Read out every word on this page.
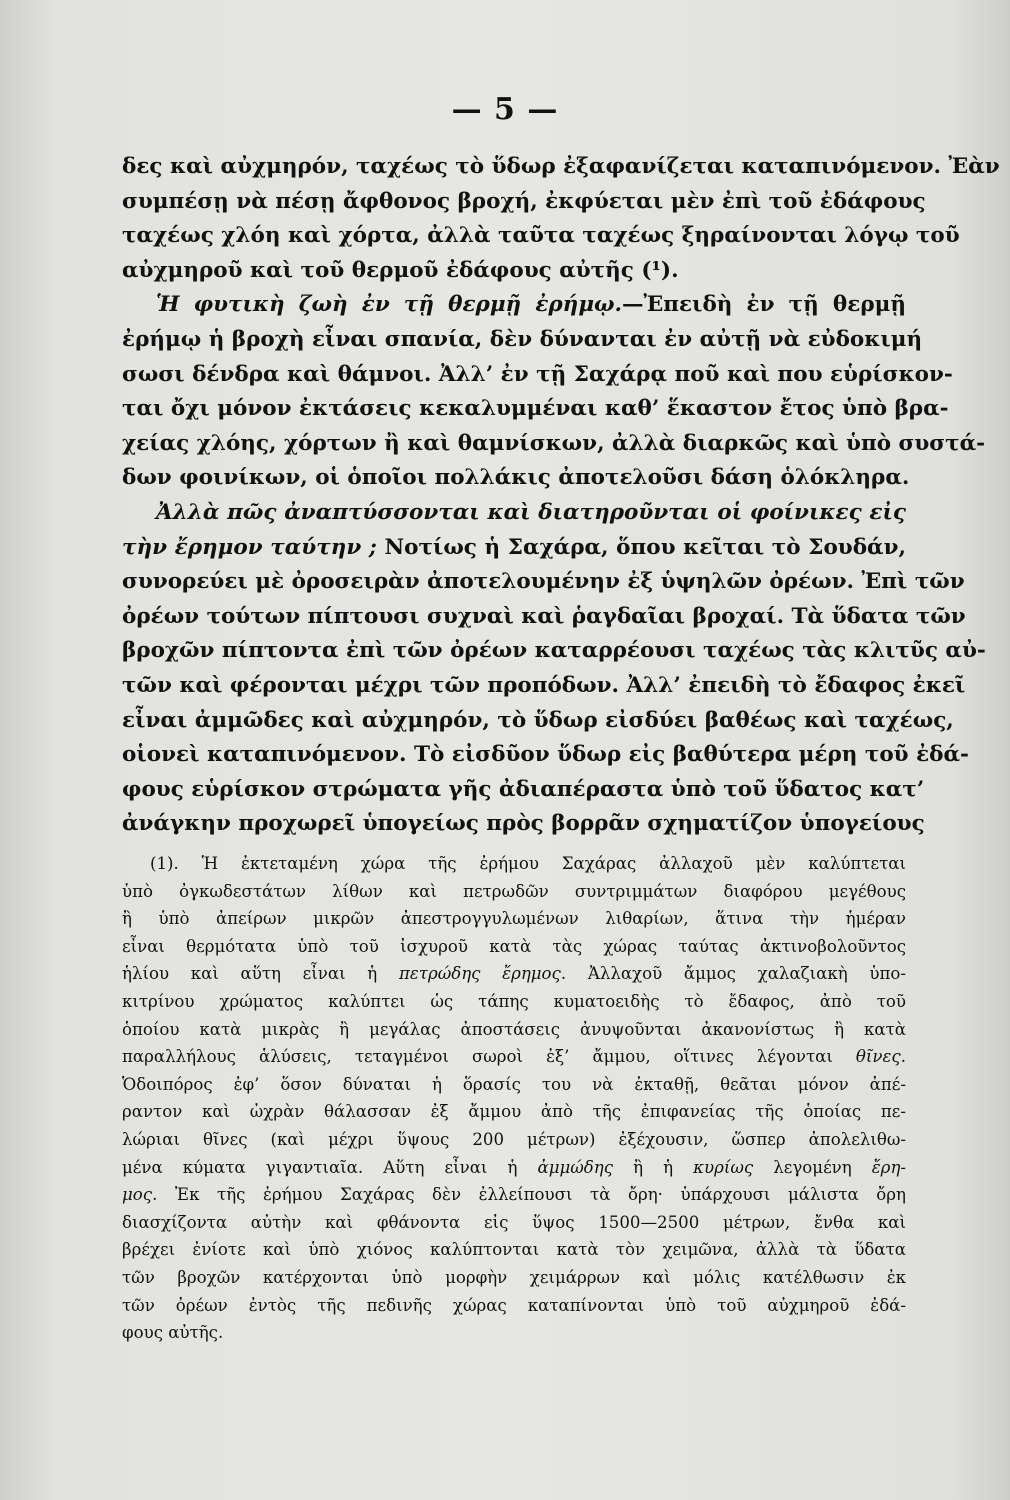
— 5 —
δες καὶ αὐχμηρόν, ταχέως τὸ ὕδωρ ἐξαφανίζεται καταπινόμενον. Ἐὰν
συμπέσῃ νὰ πέσῃ ἄφθονος βροχή, ἐκφύεται μὲν ἐπὶ τοῦ ἐδάφους
ταχέως χλόη καὶ χόρτα, ἀλλὰ ταῦτα ταχέως ξηραίνονται λόγῳ τοῦ
αὐχμηροῦ καὶ τοῦ θερμοῦ ἐδάφους αὐτῆς (¹).
Ἡ φυτικὴ ζωὴ ἐν τῇ θερμῇ ἐρήμῳ.—Ἐπειδὴ ἐν τῇ θερμῇ
ἐρήμῳ ἡ βροχὴ εἶναι σπανία, δὲν δύνανται ἐν αὐτῇ νὰ εὐδοκιμή
σωσι δένδρα καὶ θάμνοι. Ἀλλ’ ἐν τῇ Σαχάρᾳ ποῦ καὶ που εὑρίσκον-
ται ὄχι μόνον ἐκτάσεις κεκαλυμμέναι καθ’ ἕκαστον ἔτος ὑπὸ βρα-
χείας χλόης, χόρτων ἢ καὶ θαμνίσκων, ἀλλὰ διαρκῶς καὶ ὑπὸ συστά-
δων φοινίκων, οἱ ὁποῖοι πολλάκις ἀποτελοῦσι δάση ὁλόκληρα.
Ἀλλὰ πῶς ἀναπτύσσονται καὶ διατηροῦνται οἱ φοίνικες εἰς
τὴν ἔρημον ταύτην ; Νοτίως ἡ Σαχάρα, ὅπου κεῖται τὸ Σουδάν,
συνορεύει μὲ ὀροσειρὰν ἀποτελουμένην ἐξ ὑψηλῶν ὀρέων. Ἐπὶ τῶν
ὀρέων τούτων πίπτουσι συχναὶ καὶ ῥαγδαῖαι βροχαί. Τὰ ὕδατα τῶν
βροχῶν πίπτοντα ἐπὶ τῶν ὀρέων καταρρέουσι ταχέως τὰς κλιτῦς αὐ-
τῶν καὶ φέρονται μέχρι τῶν προπόδων. Ἀλλ’ ἐπειδὴ τὸ ἔδαφος ἐκεῖ
εἶναι ἀμμῶδες καὶ αὐχμηρόν, τὸ ὕδωρ εἰσδύει βαθέως καὶ ταχέως,
οἱονεὶ καταπινόμενον. Τὸ εἰσδῦον ὕδωρ εἰς βαθύτερα μέρη τοῦ ἐδά-
φους εὑρίσκον στρώματα γῆς ἀδιαπέραστα ὑπὸ τοῦ ὕδατος κατ’
ἀνάγκην προχωρεῖ ὑπογείως πρὸς βορρᾶν σχηματίζον ὑπογείους
(1). Ἡ ἐκτεταμένη χώρα τῆς ἐρήμου Σαχάρας ἀλλαχοῦ μὲν καλύπτεται
ὑπὸ ὀγκωδεστάτων λίθων καὶ πετρωδῶν συντριμμάτων διαφόρου μεγέθους
ἢ ὑπὸ ἀπείρων μικρῶν ἀπεστρογγυλωμένων λιθαρίων, ἅτινα τὴν ἡμέραν
εἶναι θερμότατα ὑπὸ τοῦ ἰσχυροῦ κατὰ τὰς χώρας ταύτας ἀκτινοβολοῦντος
ἡλίου καὶ αὕτη εἶναι ἡ πετρώδης ἔρημος. Ἀλλαχοῦ ἄμμος χαλαζιακὴ ὑπο-
κιτρίνου χρώματος καλύπτει ὡς τάπης κυματοειδὴς τὸ ἔδαφος, ἀπὸ τοῦ
ὁποίου κατὰ μικρὰς ἢ μεγάλας ἀποστάσεις ἀνυψοῦνται ἀκανονίστως ἢ κατὰ
παραλλήλους ἁλύσεις, τεταγμένοι σωροὶ ἐξ’ ἄμμου, οἵτινες λέγονται θῖνες.
Ὁδοιπόρος ἐφ’ ὅσον δύναται ἡ ὅρασίς του νὰ ἐκταθῇ, θεᾶται μόνον ἀπέ-
ραντον καὶ ὠχρὰν θάλασσαν ἐξ ἄμμου ἀπὸ τῆς ἐπιφανείας τῆς ὁποίας πε-
λώριαι θῖνες (καὶ μέχρι ὕψους 200 μέτρων) ἐξέχουσιν, ὥσπερ ἀπολελιθω-
μένα κύματα γιγαντιαῖα. Αὕτη εἶναι ἡ ἀμμώδης ἢ ἡ κυρίως λεγομένη ἔρη-
μος. Ἐκ τῆς ἐρήμου Σαχάρας δὲν ἐλλείπουσι τὰ ὄρη· ὑπάρχουσι μάλιστα ὄρη
διασχίζοντα αὐτὴν καὶ φθάνοντα εἰς ὕψος 1500—2500 μέτρων, ἔνθα καὶ
βρέχει ἐνίοτε καὶ ὑπὸ χιόνος καλύπτονται κατὰ τὸν χειμῶνα, ἀλλὰ τὰ ὕδατα
τῶν βροχῶν κατέρχονται ὑπὸ μορφὴν χειμάρρων καὶ μόλις κατέλθωσιν ἐκ
τῶν ὀρέων ἐντὸς τῆς πεδινῆς χώρας καταπίνονται ὑπὸ τοῦ αὐχμηροῦ ἐδά-
φους αὐτῆς.
